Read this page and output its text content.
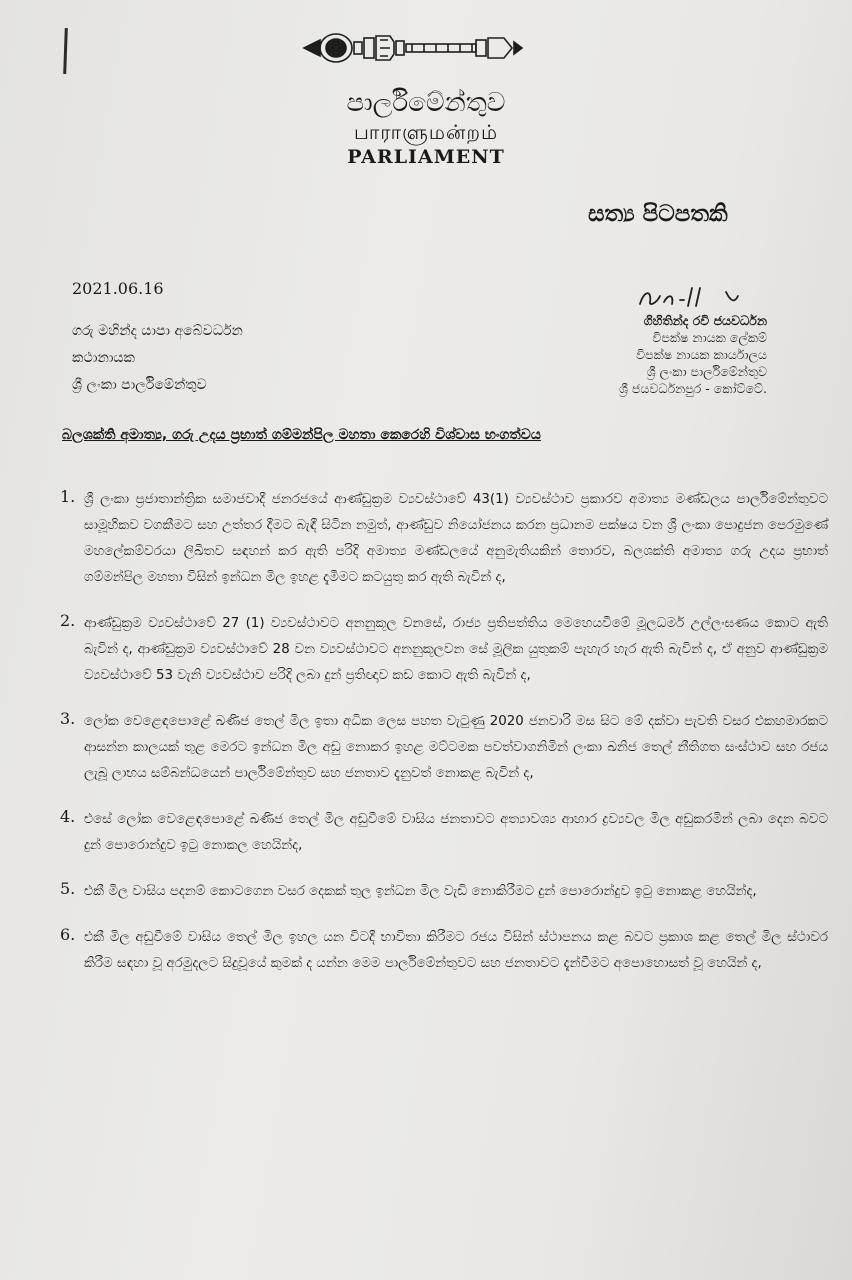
පාර්ලිමේන්තුව
பாராளுமன்றம்
PARLIAMENT
සත්‍ය පිටපතකි
2021.06.16
ගරු මහින්ද යාපා අබේවර්ධන
කථානායක
ශ්‍රී ලංකා පාර්ලිමේන්තුව
ගිහිතින්ද රවි ජයවර්ධන
විපක්ෂ නායක ලේකම්
විපක්ෂ නායක කාර්යාලය
ශ්‍රී ලංකා පාර්ලිමේන්තුව
ශ්‍රී ජයවර්ධනපුර - කෝට්ටේ.
බලශක්ති අමාත්‍ය, ගරු උදය ප්‍රභාත් ගම්මන්පිල මහතා කෙරෙහි විශ්වාස භංගත්වය
1. ශ්‍රී ලංකා ප්‍රජාතාන්ත්‍රික සමාජවාදී ජනරජයේ ආණ්ඩුක්‍රම ව්‍යවස්ථාවේ 43(1) ව්‍යවස්ථාව ප්‍රකාරව අමාත්‍ය මණ්ඩලය පාර්ලිමේන්තුවට සාමූහිකව වගකීමට සහ උත්තර දීමට බැඳී සිටින නමුත්, ආණ්ඩුව නියෝජනය කරන ප්‍රධානම පක්ෂය වන ශ්‍රී ලංකා පොදුජන පෙරමුණේ මහලේකම්වරයා ලිඛිතව සඳහන් කර ඇති පරිදි අමාත්‍ය මණ්ඩලයේ අනුමැතියකින් තොරව, බලශක්ති අමාත්‍ය ගරු උදය ප්‍රභාත් ගම්මන්පිල මහතා විසින් ඉන්ධන මිල ඉහළ දැමීමට කටයුතු කර ඇති බැවින් ද,
2. ආණ්ඩුක්‍රම ව්‍යවස්ථාවේ 27 (1) ව්‍යවස්ථාවට අනනුකූල වනසේ, රාජ්‍ය ප්‍රතිපත්තිය මෙහෙයවීමේ මූලධර්ම උල්ලංඝණය කොට ඇති බැවින් ද, ආණ්ඩුක්‍රම ව්‍යවස්ථාවේ 28 වන ව්‍යවස්ථාවට අනනුකූලවන සේ මූලික යුතුකම් පැහැර හැර ඇති බැවින් ද, ඒ අනුව ආණ්ඩුක්‍රම ව්‍යවස්ථාවේ 53 වැනි ව්‍යවස්ථාව පරිදි ලබා දුන් ප්‍රතිඥාව කඩ කොට ඇති බැවින් ද,
3. ලෝක වෙළෙඳපොළේ ඛණිජ තෙල් මිල ඉතා අධික ලෙස පහත වැටුණු 2020 ජනවාරි මස සිට මේ දක්වා පැවති වසර එකහමාරකට ආසන්න කාලයක් තුළ මෙරට ඉන්ධන මිල අඩු නොකර ඉහළ මට්ටමක පවත්වාගනිමින් ලංකා ඛනිජ තෙල් නීතිගත සංස්ථාව සහ රජය ලැබූ ලාභය සම්බන්ධයෙන් පාර්ලිමේන්තුව සහ ජනතාව දැනුවත් නොකළ බැවින් ද,
4. එසේ ලෝක වෙළෙඳපොළේ ඛණිජ තෙල් මිල අඩුවීමේ වාසිය ජනතාවට අත්‍යාවශ්‍ය ආහාර ද්‍රව්‍යවල මිල අඩුකරමින් ලබා දෙන බවට දුන් පොරොන්දුව ඉටු නොකල හෙයින්ද,
5. එකී මිල වාසිය පදනම් කොටගෙන වසර දෙකක් තුල ඉන්ධන මිල වැඩි නොකිරීමට දුන් පොරොන්දුව ඉටු නොකළ හෙයින්ද,
6. එකී මිල අඩුවීමේ වාසිය තෙල් මිල ඉහල යන විටදී භාවිතා කිරීමට රජය විසින් ස්ථාපනය කළ බවට ප්‍රකාශ කළ තෙල් මිල ස්ථාවර කිරීම සඳහා වූ අරමුදලට සිදුවූයේ කුමක් ද යන්න මෙම පාර්ලිමේන්තුවට සහ ජනතාවට දැන්වීමට අපොහොසත් වූ හෙයින් ද,
